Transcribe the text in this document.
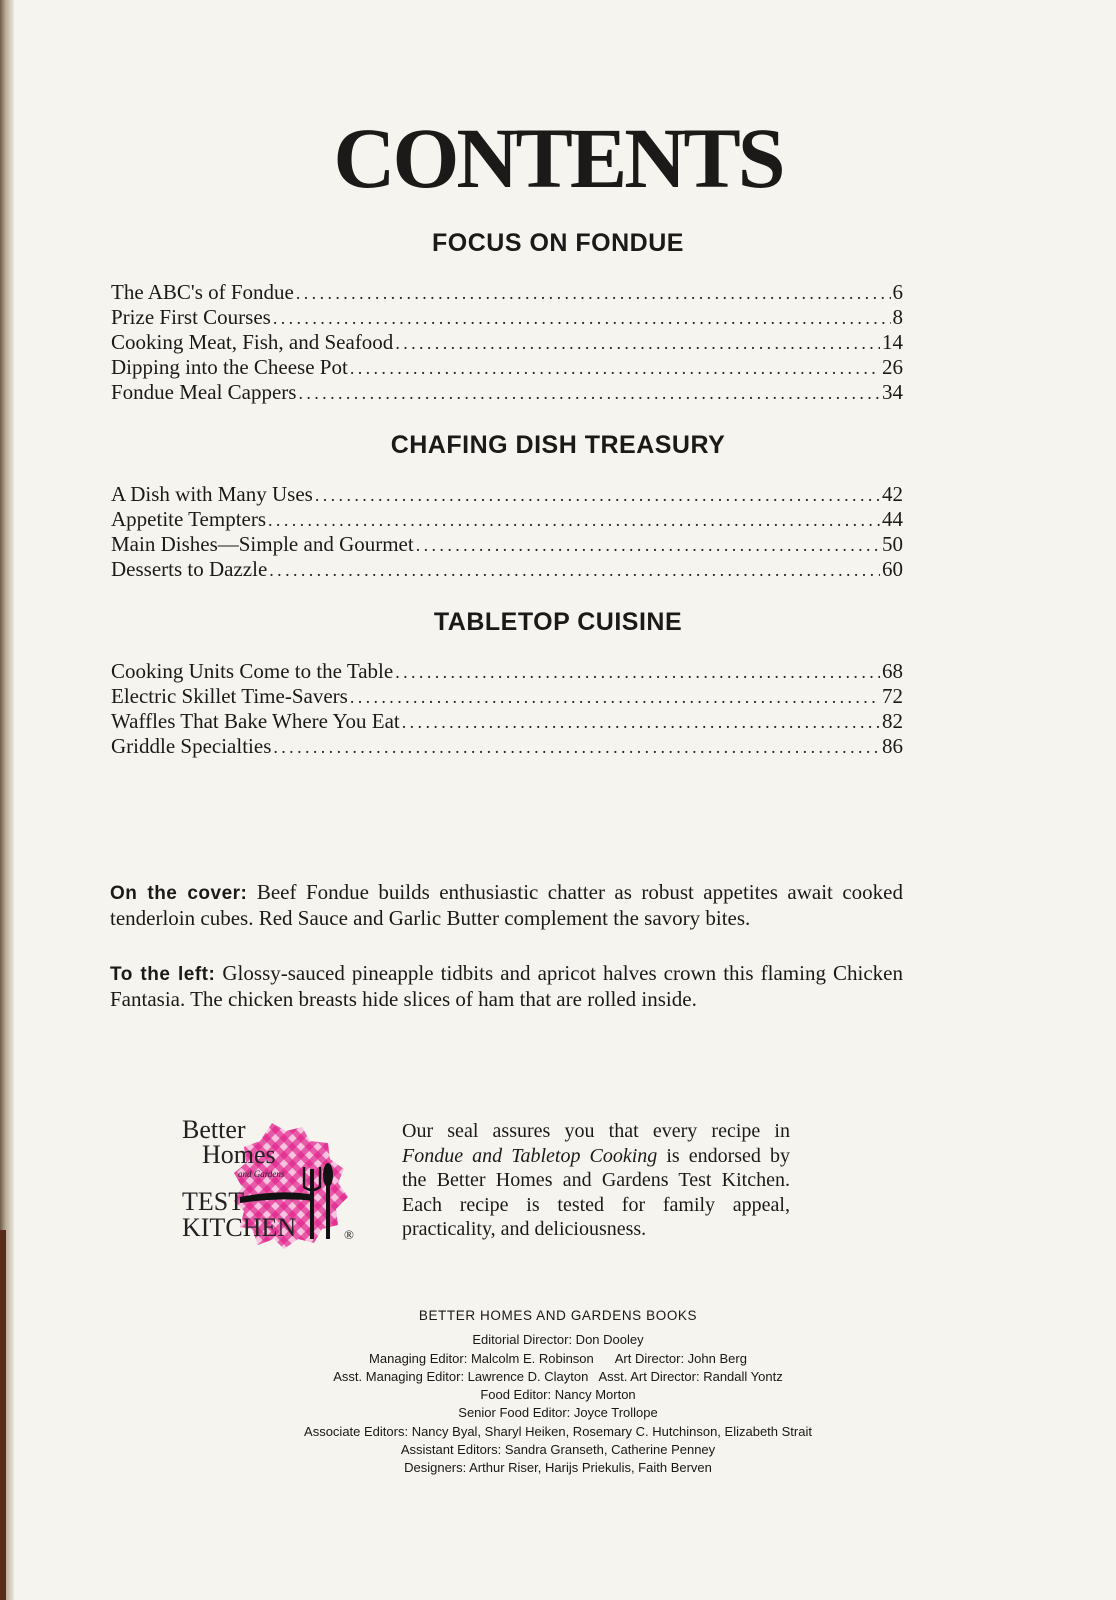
CONTENTS
FOCUS ON FONDUE
The ABC's of Fondue .....	6
Prize First Courses .....	8
Cooking Meat, Fish, and Seafood .....	14
Dipping into the Cheese Pot .....	26
Fondue Meal Cappers .....	34
CHAFING DISH TREASURY
A Dish with Many Uses .....	42
Appetite Tempters .....	44
Main Dishes—Simple and Gourmet .....	50
Desserts to Dazzle .....	60
TABLETOP CUISINE
Cooking Units Come to the Table .....	68
Electric Skillet Time-Savers .....	72
Waffles That Bake Where You Eat .....	82
Griddle Specialties .....	86
On the cover: Beef Fondue builds enthusiastic chatter as robust appetites await cooked tenderloin cubes. Red Sauce and Garlic Butter complement the savory bites.
To the left: Glossy-sauced pineapple tidbits and apricot halves crown this flaming Chicken Fantasia. The chicken breasts hide slices of ham that are rolled inside.
Better
Homes
and Gardens
TEST
KITCHEN	®
Our seal assures you that every recipe in Fondue and Tabletop Cooking is endorsed by the Better Homes and Gardens Test Kitchen. Each recipe is tested for family appeal, practicality, and deliciousness.
BETTER HOMES AND GARDENS BOOKS
Editorial Director: Don Dooley
Managing Editor: Malcolm E. Robinson      Art Director: John Berg
Asst. Managing Editor: Lawrence D. Clayton   Asst. Art Director: Randall Yontz
Food Editor: Nancy Morton
Senior Food Editor: Joyce Trollope
Associate Editors: Nancy Byal, Sharyl Heiken, Rosemary C. Hutchinson, Elizabeth Strait
Assistant Editors: Sandra Granseth, Catherine Penney
Designers: Arthur Riser, Harijs Priekulis, Faith Berven
